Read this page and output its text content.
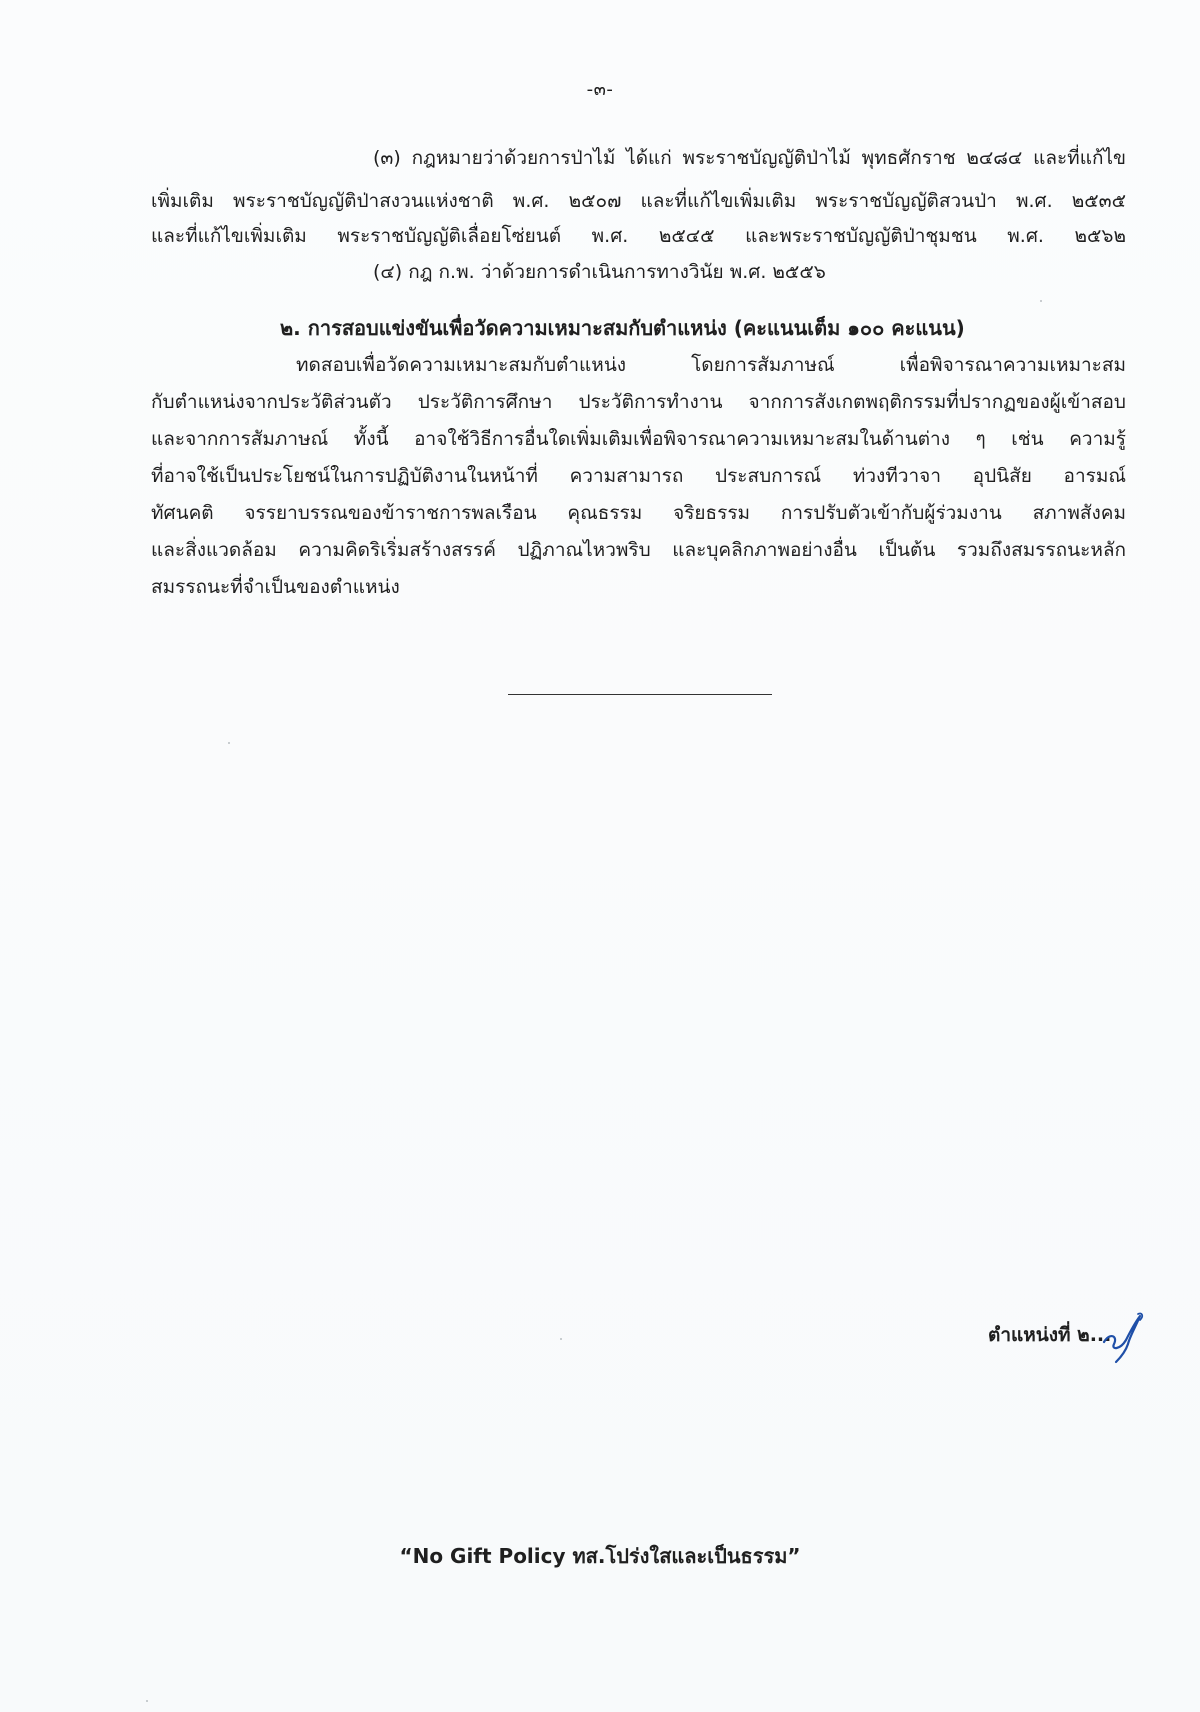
-๓-
(๓) กฎหมายว่าด้วยการป่าไม้ ได้แก่ พระราชบัญญัติป่าไม้ พุทธศักราช ๒๔๘๔ และที่แก้ไข
เพิ่มเติม พระราชบัญญัติป่าสงวนแห่งชาติ พ.ศ. ๒๕๐๗ และที่แก้ไขเพิ่มเติม พระราชบัญญัติสวนป่า พ.ศ. ๒๕๓๕
และที่แก้ไขเพิ่มเติม พระราชบัญญัติเลื่อยโซ่ยนต์ พ.ศ. ๒๕๔๕ และพระราชบัญญัติป่าชุมชน พ.ศ. ๒๕๖๒
(๔) กฎ ก.พ. ว่าด้วยการดำเนินการทางวินัย พ.ศ. ๒๕๕๖
๒. การสอบแข่งขันเพื่อวัดความเหมาะสมกับตำแหน่ง (คะแนนเต็ม ๑๐๐ คะแนน)
ทดสอบเพื่อวัดความเหมาะสมกับตำแหน่ง โดยการสัมภาษณ์ เพื่อพิจารณาความเหมาะสม
กับตำแหน่งจากประวัติส่วนตัว ประวัติการศึกษา ประวัติการทำงาน จากการสังเกตพฤติกรรมที่ปรากฏของผู้เข้าสอบ
และจากการสัมภาษณ์ ทั้งนี้ อาจใช้วิธีการอื่นใดเพิ่มเติมเพื่อพิจารณาความเหมาะสมในด้านต่าง ๆ เช่น ความรู้
ที่อาจใช้เป็นประโยชน์ในการปฏิบัติงานในหน้าที่ ความสามารถ ประสบการณ์ ท่วงทีวาจา อุปนิสัย อารมณ์
ทัศนคติ จรรยาบรรณของข้าราชการพลเรือน คุณธรรม จริยธรรม การปรับตัวเข้ากับผู้ร่วมงาน สภาพสังคม
และสิ่งแวดล้อม ความคิดริเริ่มสร้างสรรค์ ปฏิภาณไหวพริบ และบุคลิกภาพอย่างอื่น เป็นต้น รวมถึงสมรรถนะหลัก
สมรรถนะที่จำเป็นของตำแหน่ง
ตำแหน่งที่ ๒...
“No Gift Policy ทส.โปร่งใสและเป็นธรรม”
